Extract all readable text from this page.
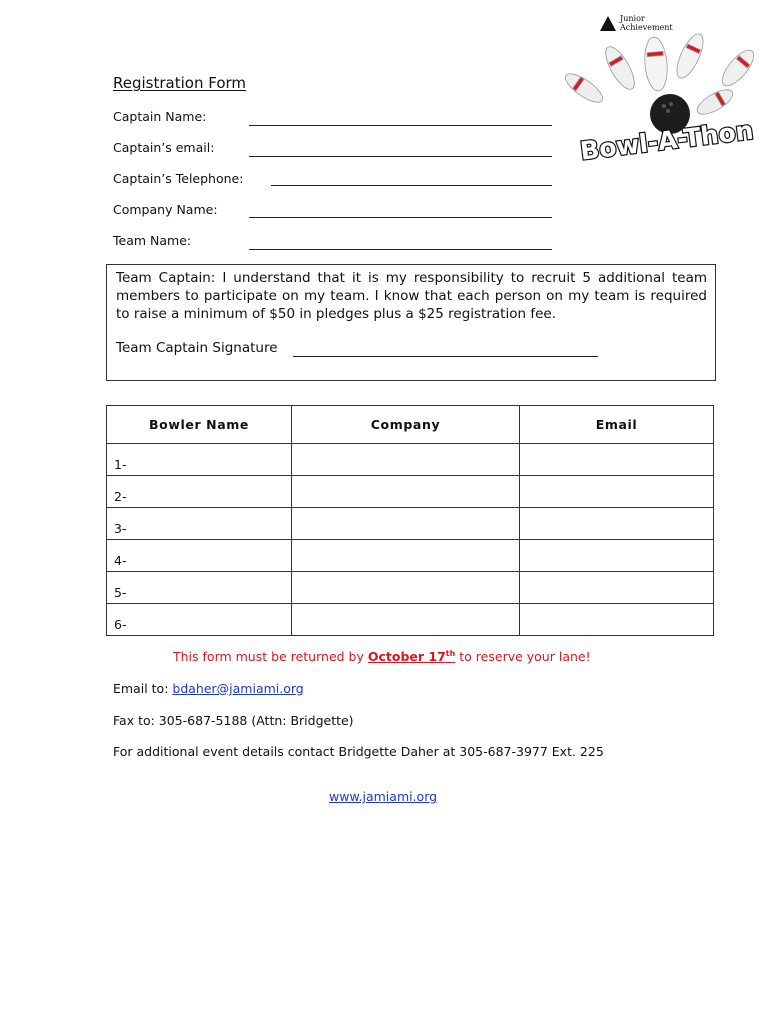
Junior
Achievement
Bowl-A-Thon
Registration Form
Captain Name:
Captain’s email:
Captain’s Telephone:
Company Name:
Team Name:
Team Captain: I understand that it is my responsibility to recruit 5 additional team members to participate on my team. I know that each person on my team is required to raise a minimum of $50 in pledges plus a $25 registration fee.
Team Captain Signature
Bowler Name	Company	Email
1-		
2-		
3-		
4-		
5-		
6-		
This form must be returned by October 17th to reserve your lane!
Email to: bdaher@jamiami.org
Fax to: 305-687-5188 (Attn: Bridgette)
For additional event details contact Bridgette Daher at 305-687-3977 Ext. 225
www.jamiami.org
